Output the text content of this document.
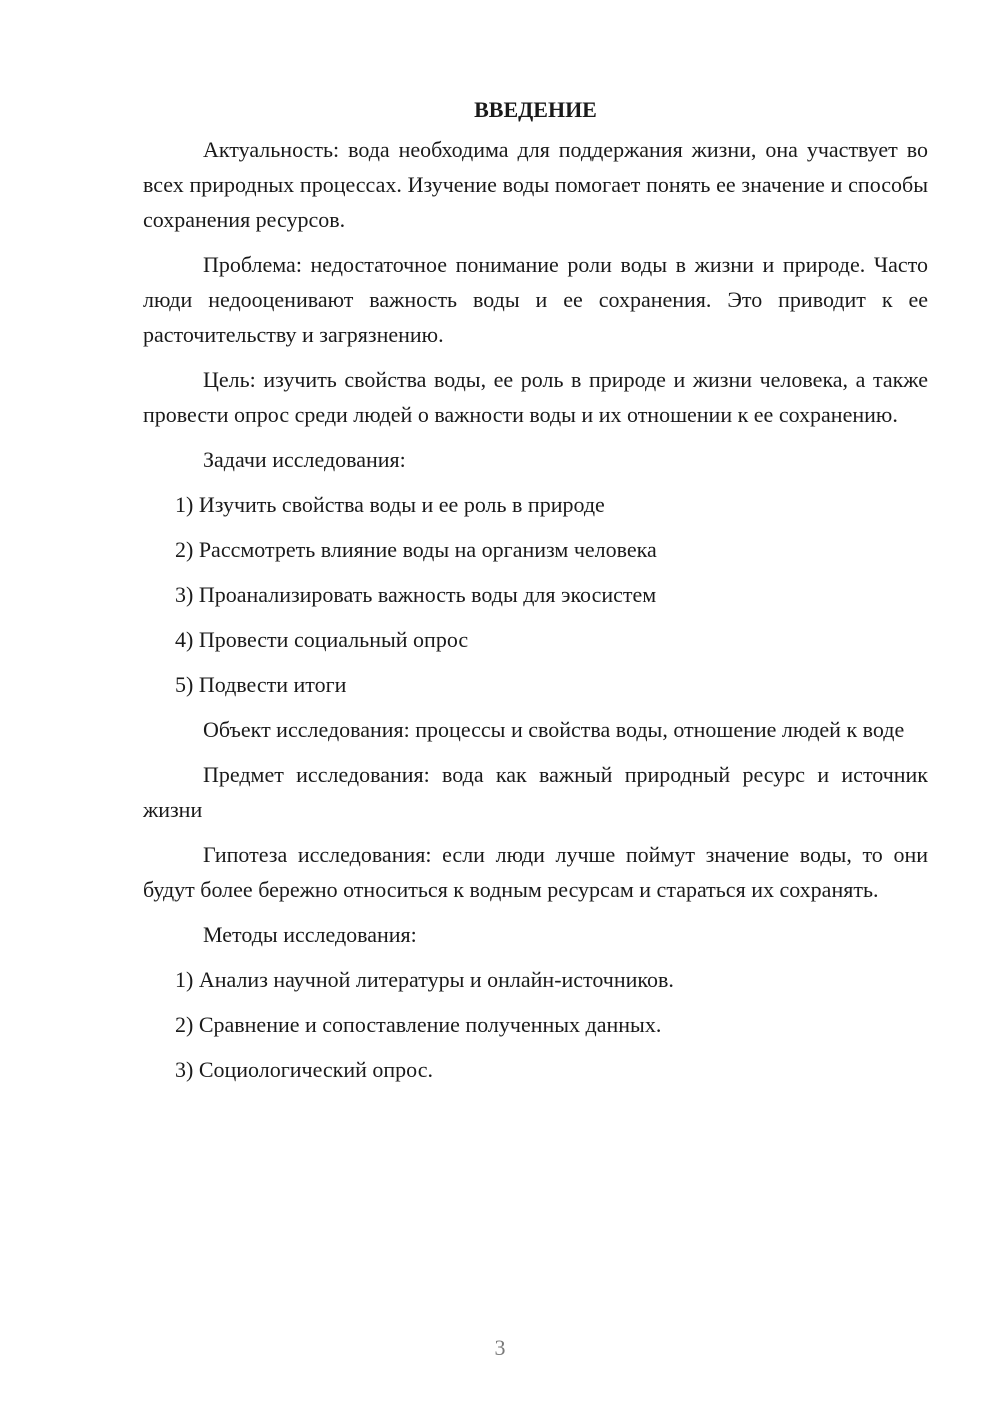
ВВЕДЕНИЕ

Актуальность: вода необходима для поддержания жизни, она участвует во всех природных процессах. Изучение воды помогает понять ее значение и способы сохранения ресурсов.

Проблема: недостаточное понимание роли воды в жизни и природе. Часто люди недооценивают важность воды и ее сохранения. Это приводит к ее расточительству и загрязнению.

Цель: изучить свойства воды, ее роль в природе и жизни человека, а также провести опрос среди людей о важности воды и их отношении к ее сохранению.

Задачи исследования:
1) Изучить свойства воды и ее роль в природе
2) Рассмотреть влияние воды на организм человека
3) Проанализировать важность воды для экосистем
4) Провести социальный опрос
5) Подвести итоги

Объект исследования: процессы и свойства воды, отношение людей к воде

Предмет исследования: вода как важный природный ресурс и источник жизни

Гипотеза исследования: если люди лучше поймут значение воды, то они будут более бережно относиться к водным ресурсам и стараться их сохранять.

Методы исследования:
1) Анализ научной литературы и онлайн-источников.
2) Сравнение и сопоставление полученных данных.
3) Социологический опрос.
3
